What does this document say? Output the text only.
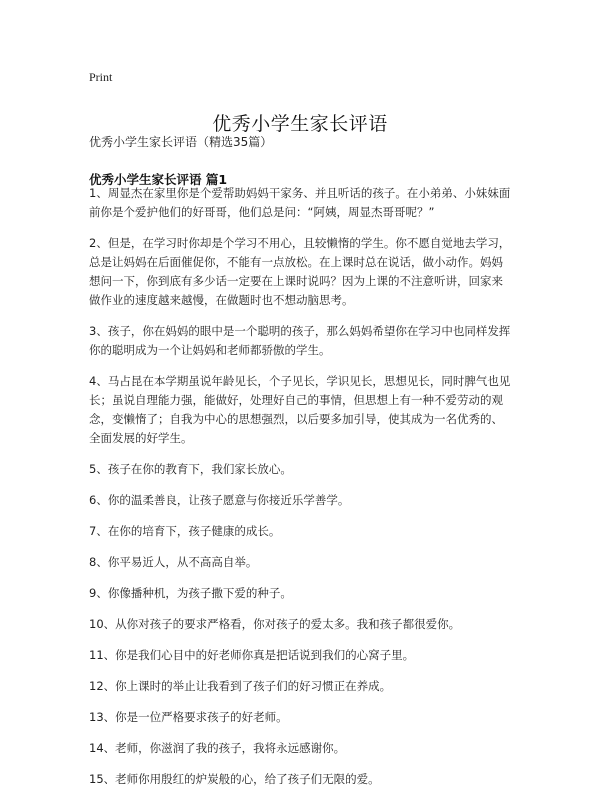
Print
优秀小学生家长评语
优秀小学生家长评语（精选35篇）
优秀小学生家长评语 篇1

1、周显杰在家里你是个爱帮助妈妈干家务、并且听话的孩子。在小弟弟、小妹妹面前你是个爱护他们的好哥哥，他们总是问：“阿姨，周显杰哥哥呢？”

2、但是，在学习时你却是个学习不用心，且较懒惰的学生。你不愿自觉地去学习，总是让妈妈在后面催促你，不能有一点放松。在上课时总在说话，做小动作。妈妈想问一下，你到底有多少话一定要在上课时说吗？因为上课的不注意听讲，回家来做作业的速度越来越慢，在做题时也不想动脑思考。

3、孩子，你在妈妈的眼中是一个聪明的孩子，那么妈妈希望你在学习中也同样发挥你的聪明成为一个让妈妈和老师都骄傲的学生。

4、马占昆在本学期虽说年龄见长，个子见长，学识见长，思想见长，同时脾气也见长；虽说自理能力强，能做好，处理好自己的事情，但思想上有一种不爱劳动的观念，变懒惰了；自我为中心的思想强烈，以后要多加引导，使其成为一名优秀的、全面发展的好学生。

5、孩子在你的教育下，我们家长放心。

6、你的温柔善良，让孩子愿意与你接近乐学善学。

7、在你的培育下，孩子健康的成长。

8、你平易近人，从不高高自举。

9、你像播种机，为孩子撒下爱的种子。

10、从你对孩子的要求严格看，你对孩子的爱太多。我和孩子都很爱你。

11、你是我们心目中的好老师你真是把话说到我们的心窝子里。

12、你上课时的举止让我看到了孩子们的好习惯正在养成。

13、你是一位严格要求孩子的好老师。

14、老师，你滋润了我的孩子，我将永远感谢你。

15、老师你用殷红的炉炭般的心，给了孩子们无限的爱。
